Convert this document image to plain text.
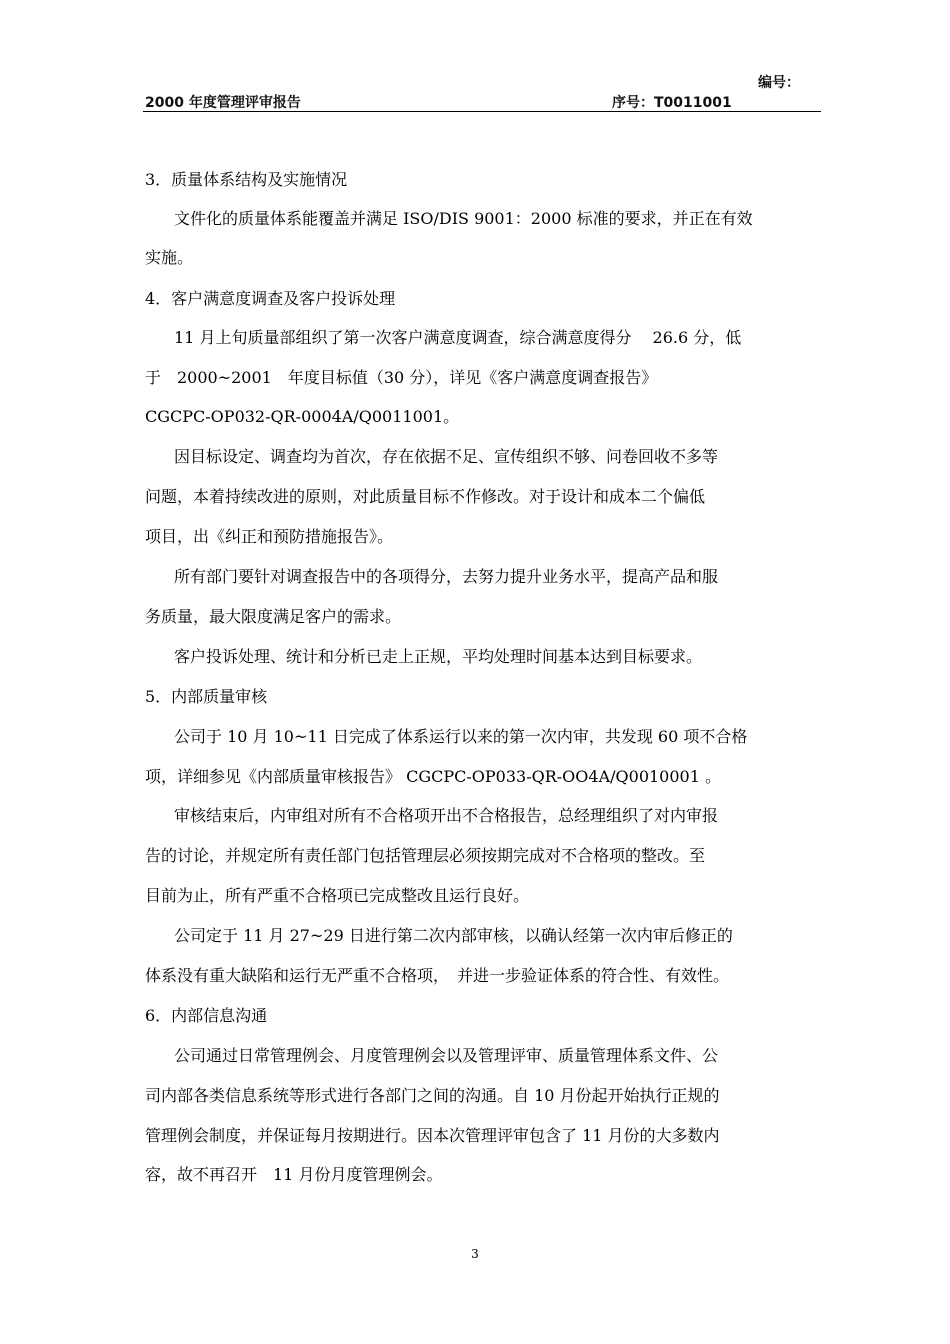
编号：
2000 年度管理评审报告	序号：T0011001
3．质量体系结构及实施情况
文件化的质量体系能覆盖并满足 ISO/DIS 9001：2000 标准的要求，并正在有效
实施。
4．客户满意度调查及客户投诉处理
11 月上旬质量部组织了第一次客户满意度调查，综合满意度得分　 26.6 分，低
于　2000~2001　年度目标值（30 分），详见《客户满意度调查报告》
CGCPC-OP032-QR-0004A/Q0011001。
因目标设定、调查均为首次，存在依据不足、宣传组织不够、问卷回收不多等
问题，本着持续改进的原则，对此质量目标不作修改。对于设计和成本二个偏低
项目，出《纠正和预防措施报告》。
所有部门要针对调查报告中的各项得分，去努力提升业务水平，提高产品和服
务质量，最大限度满足客户的需求。
客户投诉处理、统计和分析已走上正规，平均处理时间基本达到目标要求。
5．内部质量审核
公司于 10 月 10~11 日完成了体系运行以来的第一次内审，共发现 60 项不合格
项，详细参见《内部质量审核报告》 CGCPC-OP033-QR-OO4A/Q0010001 。
审核结束后，内审组对所有不合格项开出不合格报告，总经理组织了对内审报
告的讨论，并规定所有责任部门包括管理层必须按期完成对不合格项的整改。至
目前为止，所有严重不合格项已完成整改且运行良好。
公司定于 11 月 27~29 日进行第二次内部审核，以确认经第一次内审后修正的
体系没有重大缺陷和运行无严重不合格项，　并进一步验证体系的符合性、有效性。
6．内部信息沟通
公司通过日常管理例会、月度管理例会以及管理评审、质量管理体系文件、公
司内部各类信息系统等形式进行各部门之间的沟通。自 10 月份起开始执行正规的
管理例会制度，并保证每月按期进行。因本次管理评审包含了 11 月份的大多数内
容，故不再召开　11 月份月度管理例会。
3
